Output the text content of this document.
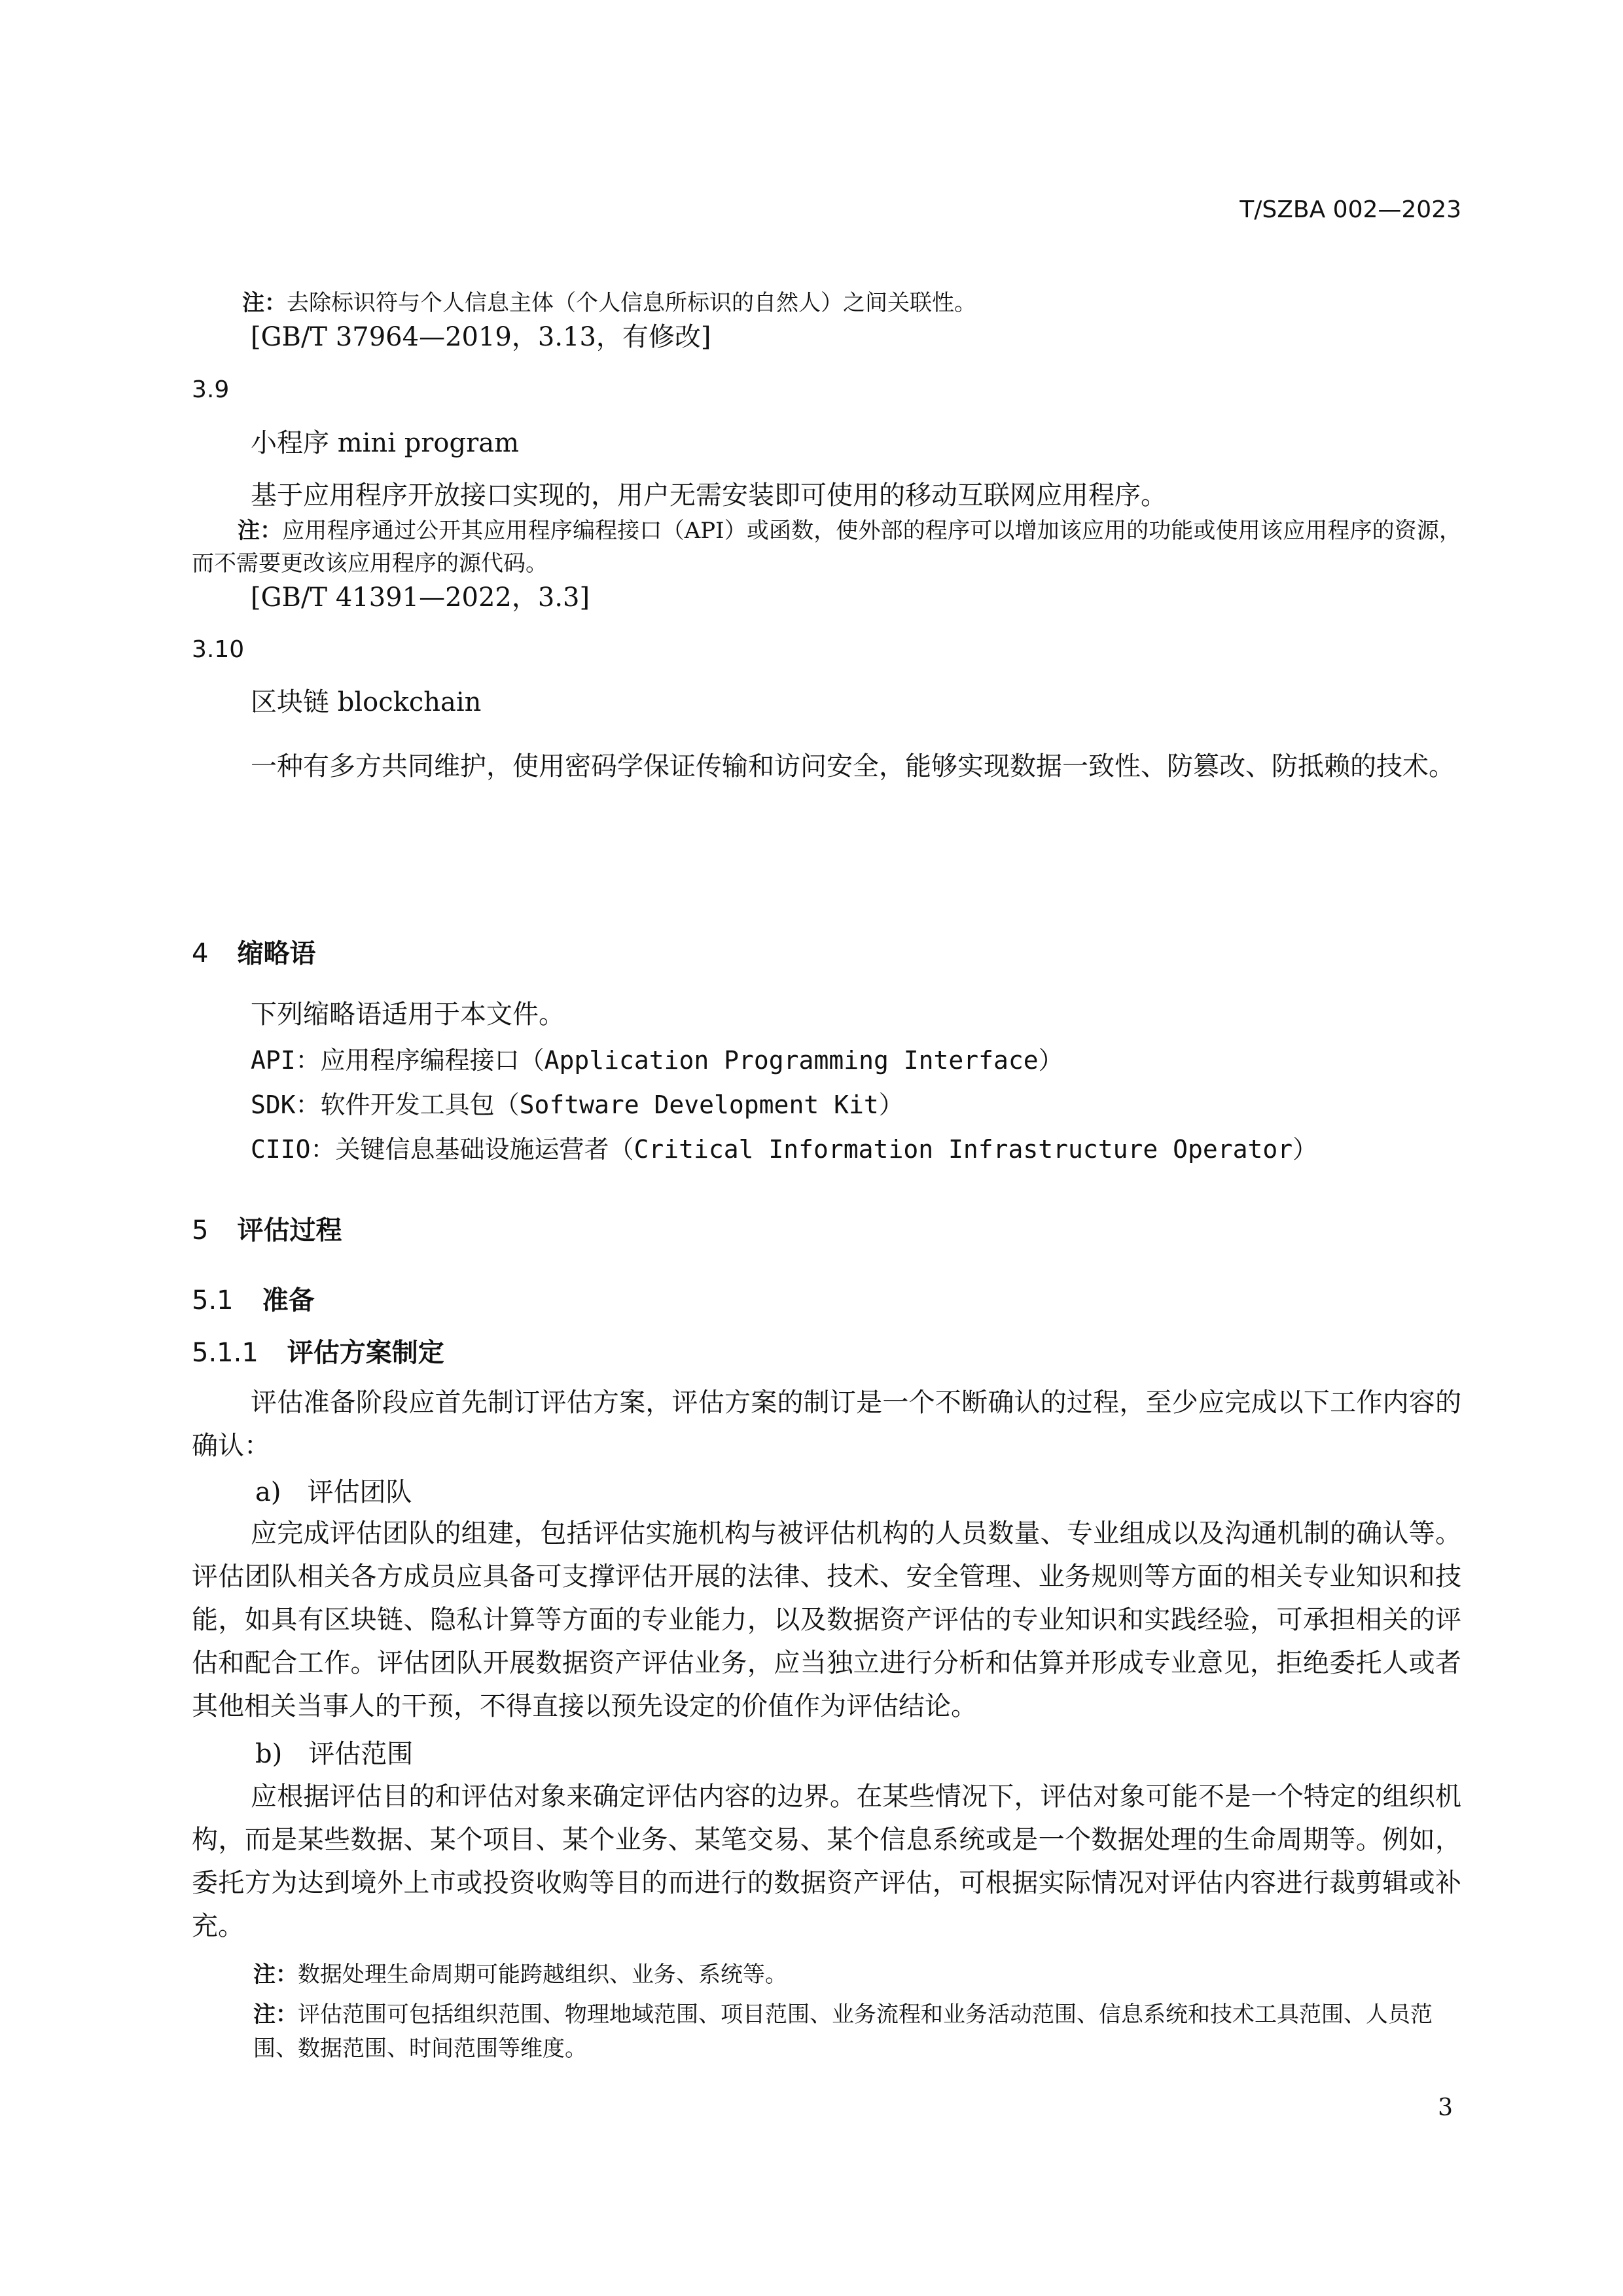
T/SZBA 002—2023
注：去除标识符与个人信息主体（个人信息所标识的自然人）之间关联性。
[GB/T 37964—2019，3.13，有修改]
3.9
小程序 mini program
基于应用程序开放接口实现的，用户无需安装即可使用的移动互联网应用程序。
注：应用程序通过公开其应用程序编程接口（API）或函数，使外部的程序可以增加该应用的功能或使用该应用程序的资源，而不需要更改该应用程序的源代码。
[GB/T 41391—2022，3.3]
3.10
区块链 blockchain
一种有多方共同维护，使用密码学保证传输和访问安全，能够实现数据一致性、防篡改、防抵赖的技术。
4 缩略语
下列缩略语适用于本文件。
API：应用程序编程接口（Application Programming Interface）
SDK：软件开发工具包（Software Development Kit）
CIIO：关键信息基础设施运营者（Critical Information Infrastructure Operator）
5 评估过程
5.1 准备
5.1.1 评估方案制定
评估准备阶段应首先制订评估方案，评估方案的制订是一个不断确认的过程，至少应完成以下工作内容的确认：
a) 评估团队
应完成评估团队的组建，包括评估实施机构与被评估机构的人员数量、专业组成以及沟通机制的确认等。评估团队相关各方成员应具备可支撑评估开展的法律、技术、安全管理、业务规则等方面的相关专业知识和技能，如具有区块链、隐私计算等方面的专业能力，以及数据资产评估的专业知识和实践经验，可承担相关的评估和配合工作。评估团队开展数据资产评估业务，应当独立进行分析和估算并形成专业意见，拒绝委托人或者其他相关当事人的干预，不得直接以预先设定的价值作为评估结论。
b) 评估范围
应根据评估目的和评估对象来确定评估内容的边界。在某些情况下，评估对象可能不是一个特定的组织机构，而是某些数据、某个项目、某个业务、某笔交易、某个信息系统或是一个数据处理的生命周期等。例如，委托方为达到境外上市或投资收购等目的而进行的数据资产评估，可根据实际情况对评估内容进行裁剪辑或补充。
注：数据处理生命周期可能跨越组织、业务、系统等。
注：评估范围可包括组织范围、物理地域范围、项目范围、业务流程和业务活动范围、信息系统和技术工具范围、人员范围、数据范围、时间范围等维度。
3
